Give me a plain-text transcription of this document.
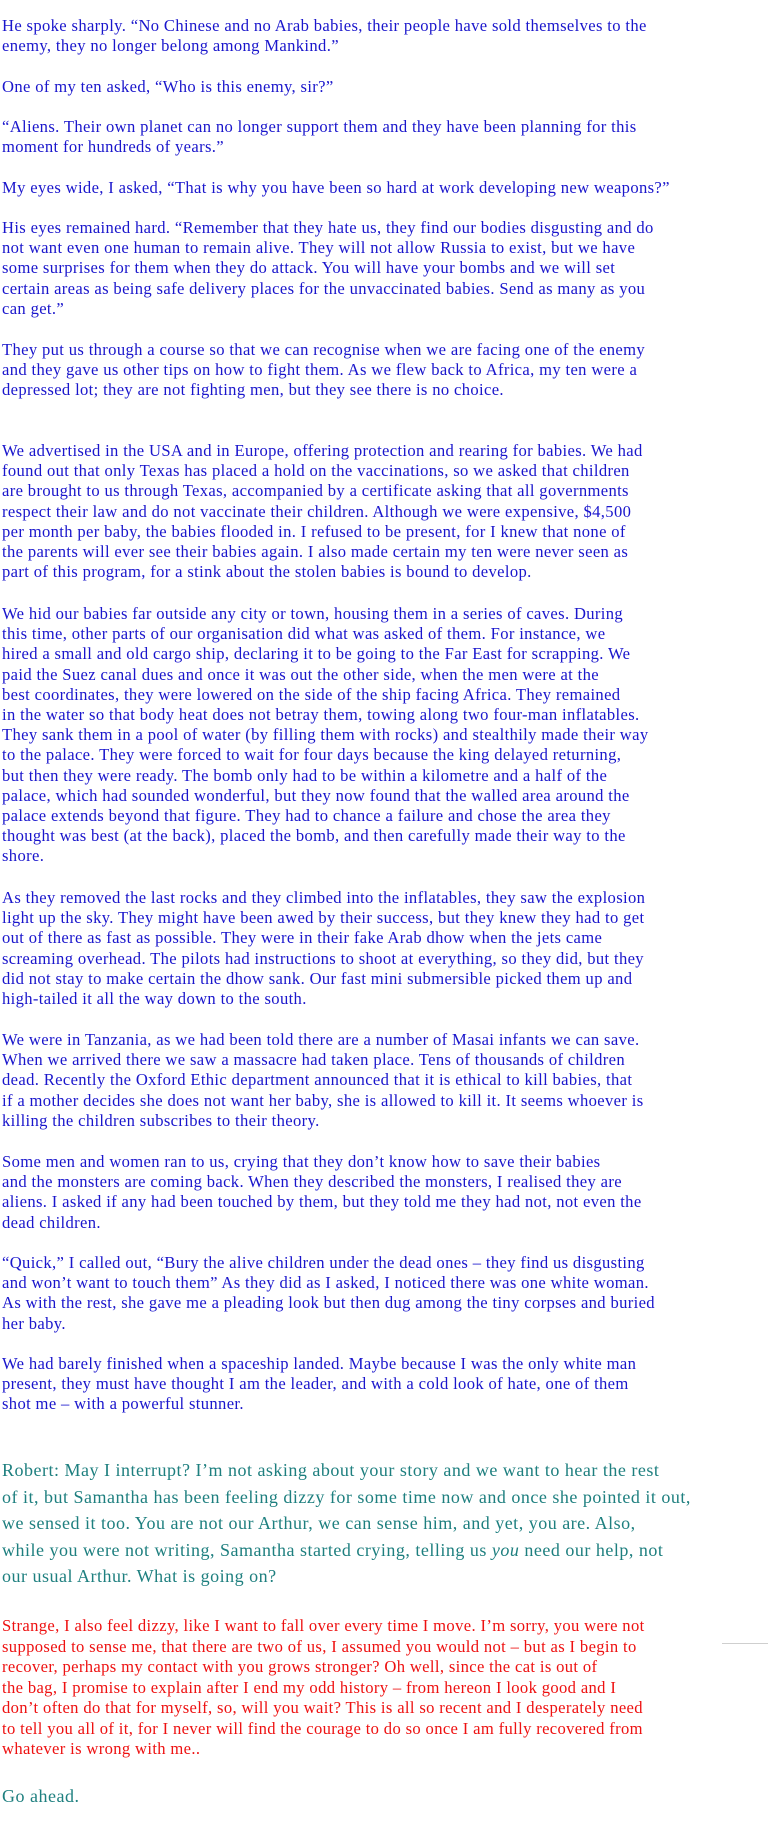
He spoke sharply. “No Chinese and no Arab babies, their people have sold themselves to the
enemy, they no longer belong among Mankind.”

One of my ten asked, “Who is this enemy, sir?”

“Aliens. Their own planet can no longer support them and they have been planning for this
moment for hundreds of years.”

My eyes wide, I asked, “That is why you have been so hard at work developing new weapons?”

His eyes remained hard. “Remember that they hate us, they find our bodies disgusting and do
not want even one human to remain alive. They will not allow Russia to exist, but we have
some surprises for them when they do attack. You will have your bombs and we will set
certain areas as being safe delivery places for the unvaccinated babies. Send as many as you
can get.”

They put us through a course so that we can recognise when we are facing one of the enemy
and they gave us other tips on how to fight them. As we flew back to Africa, my ten were a
depressed lot; they are not fighting men, but they see there is no choice.

We advertised in the USA and in Europe, offering protection and rearing for babies. We had
found out that only Texas has placed a hold on the vaccinations, so we asked that children
are brought to us through Texas, accompanied by a certificate asking that all governments
respect their law and do not vaccinate their children. Although we were expensive, $4,500
per month per baby, the babies flooded in. I refused to be present, for I knew that none of
the parents will ever see their babies again. I also made certain my ten were never seen as
part of this program, for a stink about the stolen babies is bound to develop.

We hid our babies far outside any city or town, housing them in a series of caves. During
this time, other parts of our organisation did what was asked of them. For instance, we
hired a small and old cargo ship, declaring it to be going to the Far East for scrapping. We
paid the Suez canal dues and once it was out the other side, when the men were at the
best coordinates, they were lowered on the side of the ship facing Africa. They remained
in the water so that body heat does not betray them, towing along two four-man inflatables.
They sank them in a pool of water (by filling them with rocks) and stealthily made their way
to the palace. They were forced to wait for four days because the king delayed returning,
but then they were ready. The bomb only had to be within a kilometre and a half of the
palace, which had sounded wonderful, but they now found that the walled area around the
palace extends beyond that figure. They had to chance a failure and chose the area they
thought was best (at the back), placed the bomb, and then carefully made their way to the
shore.

As they removed the last rocks and they climbed into the inflatables, they saw the explosion
light up the sky. They might have been awed by their success, but they knew they had to get
out of there as fast as possible. They were in their fake Arab dhow when the jets came
screaming overhead. The pilots had instructions to shoot at everything, so they did, but they
did not stay to make certain the dhow sank. Our fast mini submersible picked them up and
high-tailed it all the way down to the south.

We were in Tanzania, as we had been told there are a number of Masai infants we can save.
When we arrived there we saw a massacre had taken place. Tens of thousands of children
dead. Recently the Oxford Ethic department announced that it is ethical to kill babies, that
if a mother decides she does not want her baby, she is allowed to kill it. It seems whoever is
killing the children subscribes to their theory.

Some men and women ran to us, crying that they don’t know how to save their babies
and the monsters are coming back. When they described the monsters, I realised they are
aliens. I asked if any had been touched by them, but they told me they had not, not even the
dead children.

“Quick,” I called out, “Bury the alive children under the dead ones – they find us disgusting
and won’t want to touch them” As they did as I asked, I noticed there was one white woman.
As with the rest, she gave me a pleading look but then dug among the tiny corpses and buried
her baby.

We had barely finished when a spaceship landed. Maybe because I was the only white man
present, they must have thought I am the leader, and with a cold look of hate, one of them
shot me – with a powerful stunner.

Robert: May I interrupt? I’m not asking about your story and we want to hear the rest
of it, but Samantha has been feeling dizzy for some time now and once she pointed it out,
we sensed it too. You are not our Arthur, we can sense him, and yet, you are. Also,
while you were not writing, Samantha started crying, telling us you need our help, not
our usual Arthur. What is going on?

Strange, I also feel dizzy, like I want to fall over every time I move. I’m sorry, you were not
supposed to sense me, that there are two of us, I assumed you would not – but as I begin to
recover, perhaps my contact with you grows stronger? Oh well, since the cat is out of
the bag, I promise to explain after I end my odd history – from hereon I look good and I
don’t often do that for myself, so, will you wait? This is all so recent and I desperately need
to tell you all of it, for I never will find the courage to do so once I am fully recovered from
whatever is wrong with me..

Go ahead.
